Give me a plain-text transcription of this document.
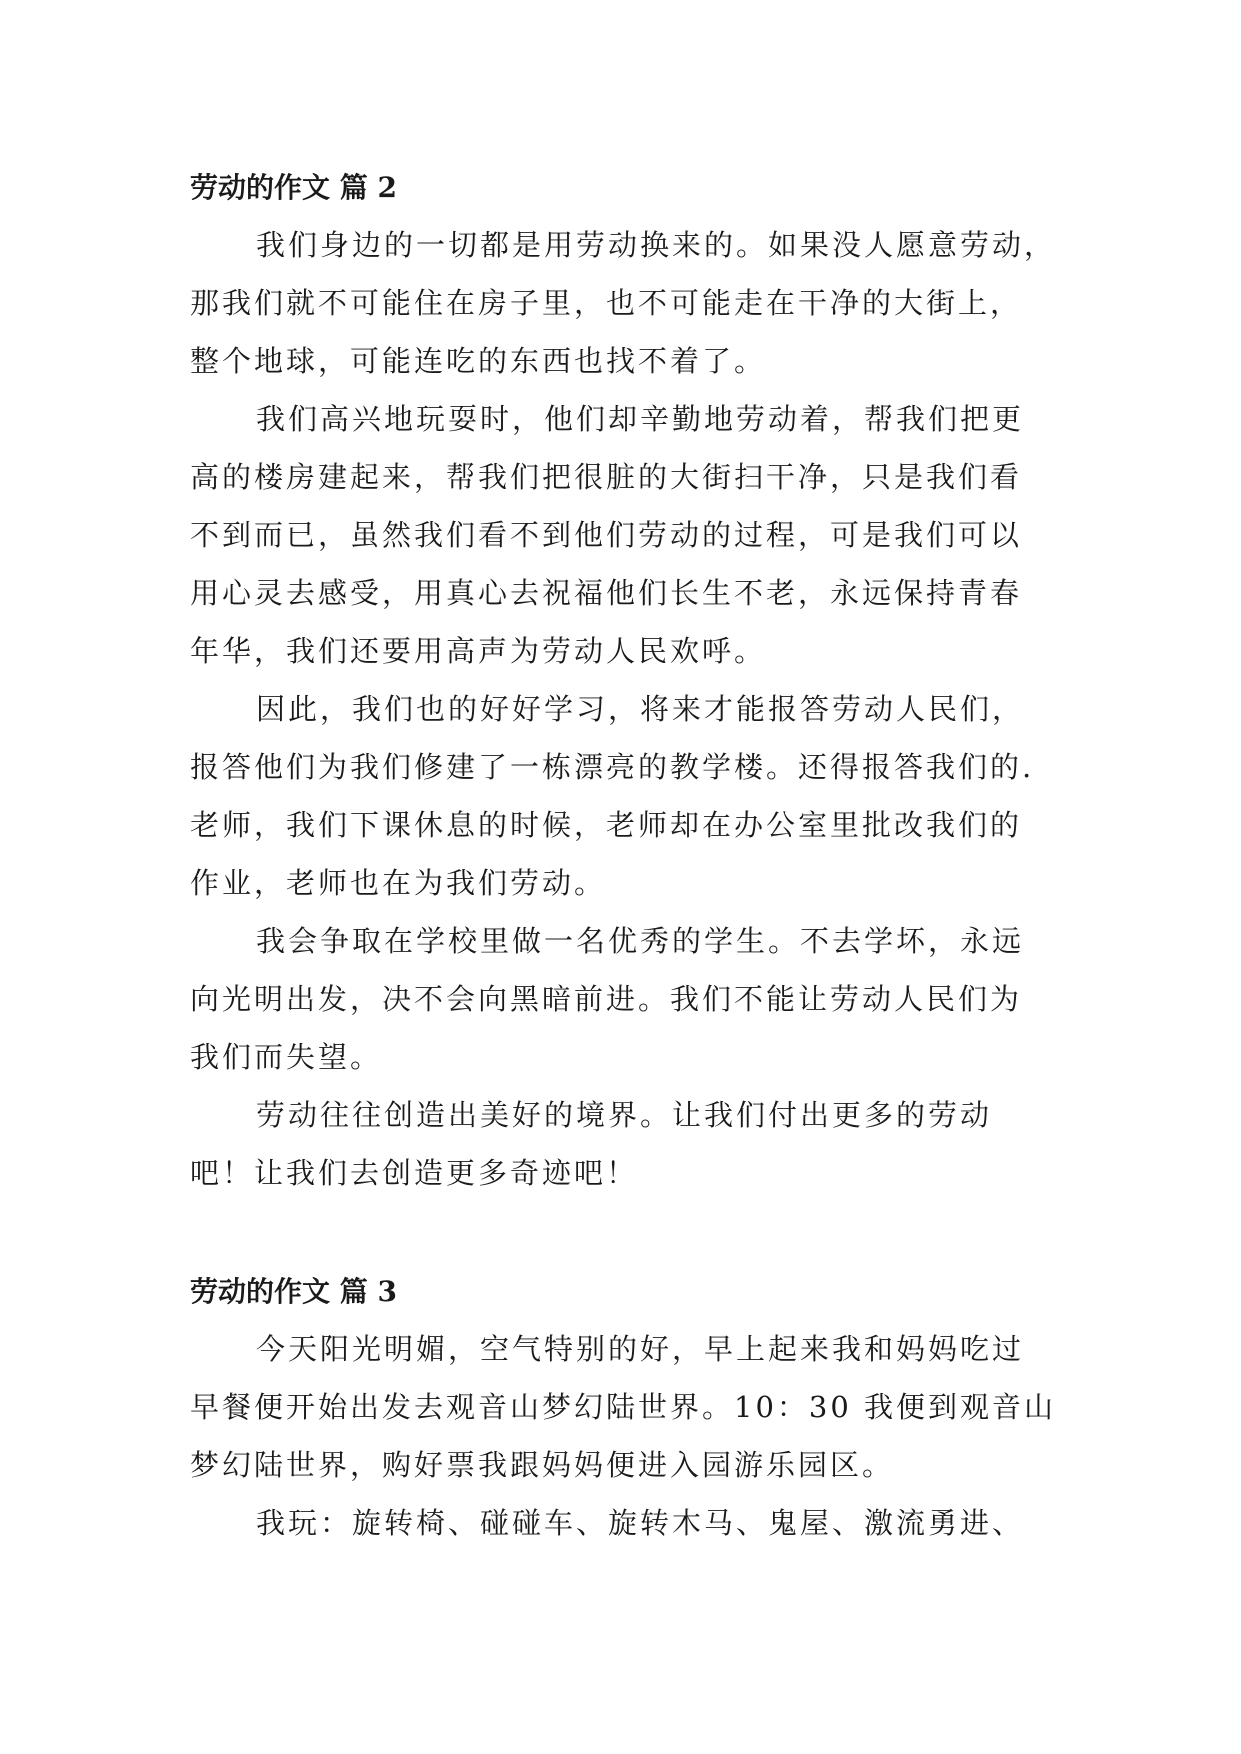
劳动的作文 篇 2

我们身边的一切都是用劳动换来的。如果没人愿意劳动，
那我们就不可能住在房子里，也不可能走在干净的大街上，
整个地球，可能连吃的东西也找不着了。

我们高兴地玩耍时，他们却辛勤地劳动着，帮我们把更
高的楼房建起来，帮我们把很脏的大街扫干净，只是我们看
不到而已，虽然我们看不到他们劳动的过程，可是我们可以
用心灵去感受，用真心去祝福他们长生不老，永远保持青春
年华，我们还要用高声为劳动人民欢呼。

因此，我们也的好好学习，将来才能报答劳动人民们，
报答他们为我们修建了一栋漂亮的教学楼。还得报答我们的.
老师，我们下课休息的时候，老师却在办公室里批改我们的
作业，老师也在为我们劳动。

我会争取在学校里做一名优秀的学生。不去学坏，永远
向光明出发，决不会向黑暗前进。我们不能让劳动人民们为
我们而失望。

劳动往往创造出美好的境界。让我们付出更多的劳动
吧！让我们去创造更多奇迹吧！

劳动的作文 篇 3

今天阳光明媚，空气特别的好，早上起来我和妈妈吃过
早餐便开始出发去观音山梦幻陆世界。10：30 我便到观音山
梦幻陆世界，购好票我跟妈妈便进入园游乐园区。

我玩：旋转椅、碰碰车、旋转木马、鬼屋、激流勇进、
